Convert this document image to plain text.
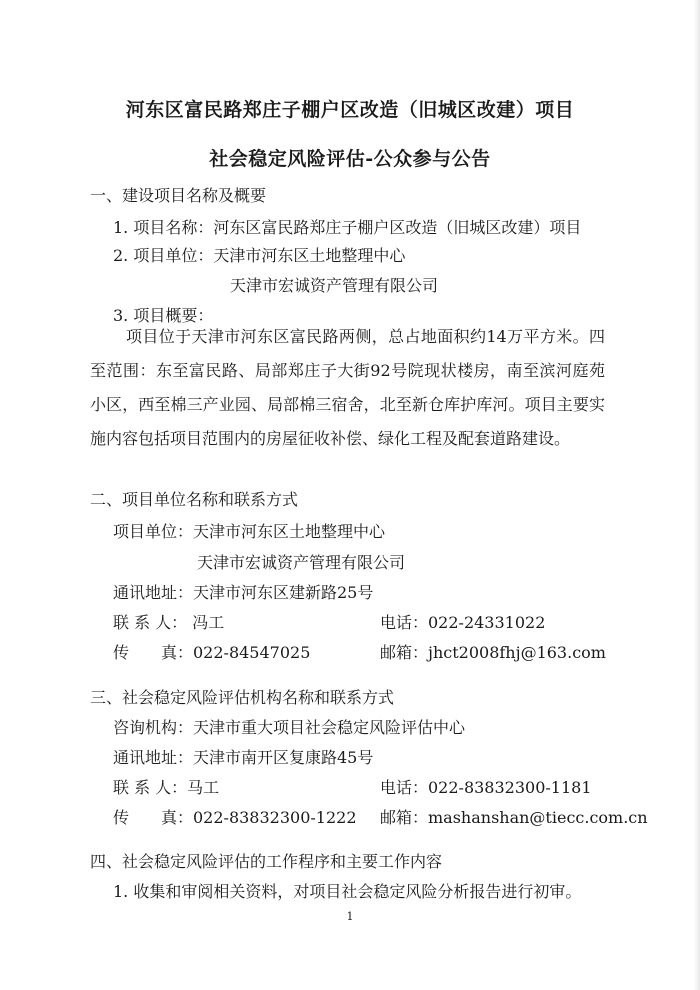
河东区富民路郑庄子棚户区改造（旧城区改建）项目
社会稳定风险评估-公众参与公告
一、建设项目名称及概要
1. 项目名称：河东区富民路郑庄子棚户区改造（旧城区改建）项目
2. 项目单位：天津市河东区土地整理中心
天津市宏诚资产管理有限公司
3. 项目概要：
项目位于天津市河东区富民路两侧，总占地面积约14万平方米。四至范围：东至富民路、局部郑庄子大街92号院现状楼房，南至滨河庭苑小区，西至棉三产业园、局部棉三宿舍，北至新仓库护库河。项目主要实施内容包括项目范围内的房屋征收补偿、绿化工程及配套道路建设。
二、项目单位名称和联系方式
项目单位：天津市河东区土地整理中心
天津市宏诚资产管理有限公司
通讯地址：天津市河东区建新路25号
联 系 人： 冯工	电话：022-24331022
传　　真：022-84547025	邮箱：jhct2008fhj@163.com
三、社会稳定风险评估机构名称和联系方式
咨询机构：天津市重大项目社会稳定风险评估中心
通讯地址：天津市南开区复康路45号
联 系 人：马工	电话：022-83832300-1181
传　　真：022-83832300-1222 邮箱：mashanshan@tiecc.com.cn
四、社会稳定风险评估的工作程序和主要工作内容
1. 收集和审阅相关资料，对项目社会稳定风险分析报告进行初审。
1
